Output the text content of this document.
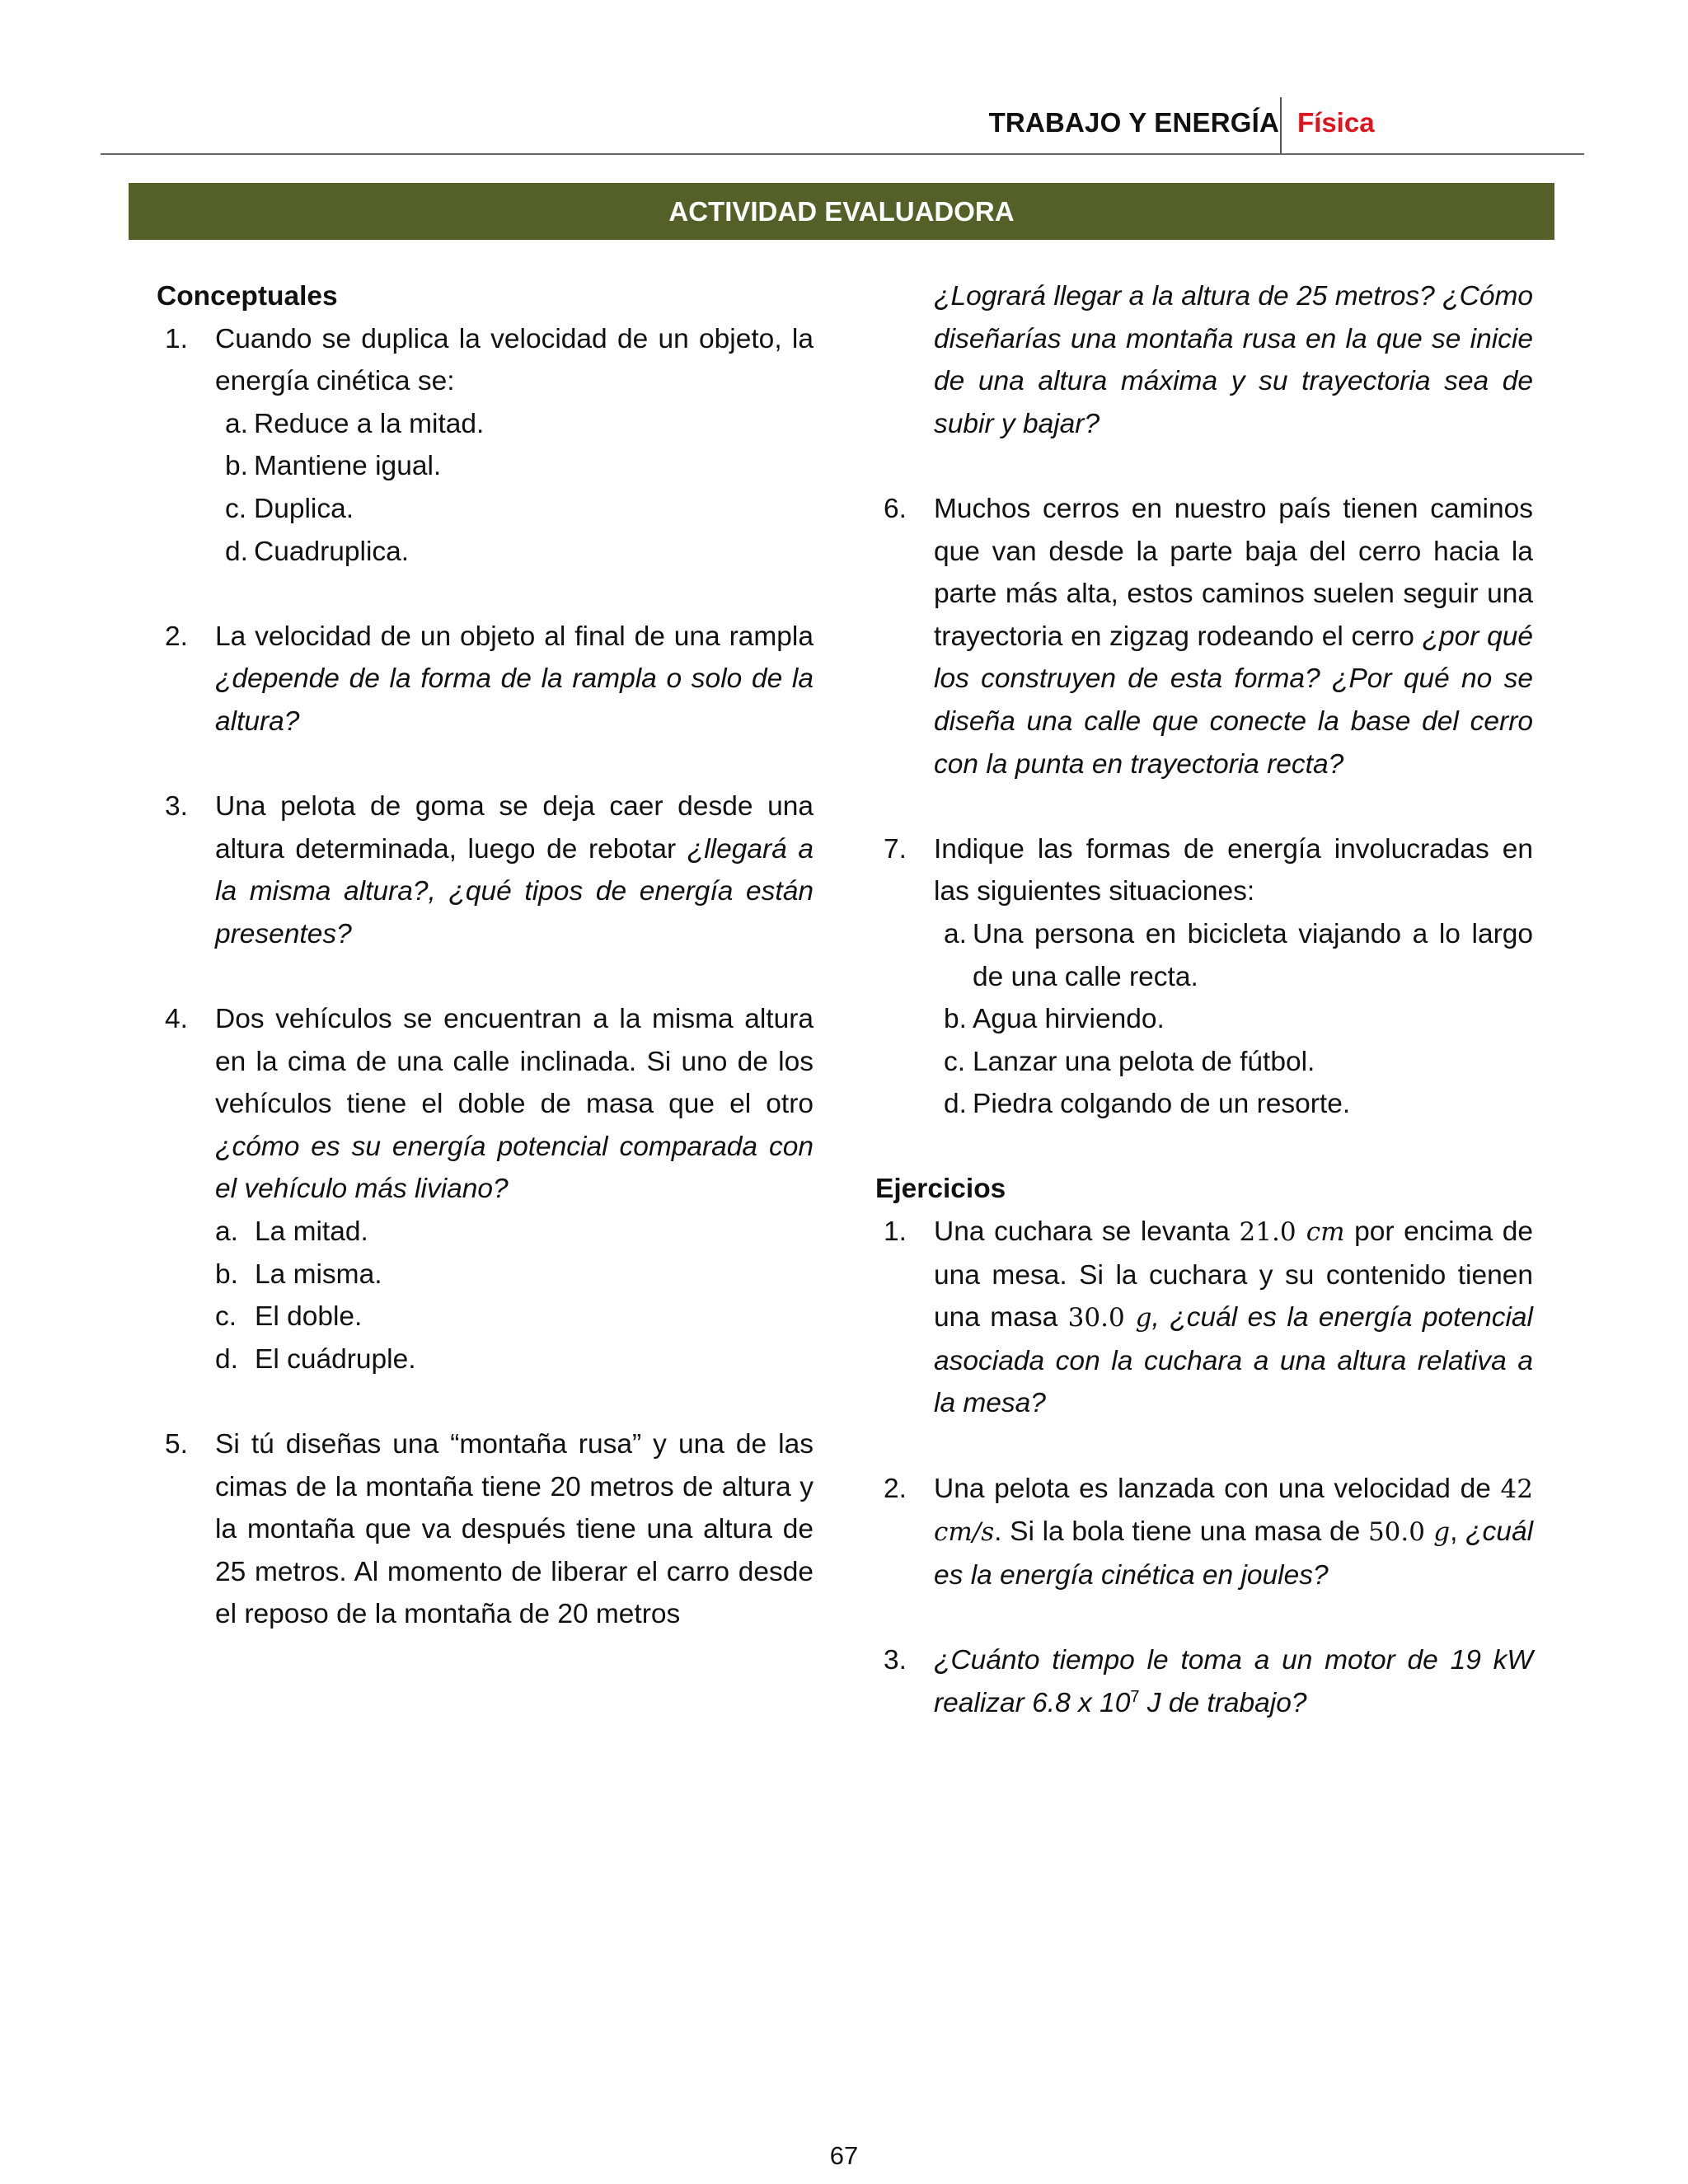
TRABAJO Y ENERGÍA Física
ACTIVIDAD EVALUADORA
Conceptuales
1. Cuando se duplica la velocidad de un objeto, la energía cinética se:
a. Reduce a la mitad.
b. Mantiene igual.
c. Duplica.
d. Cuadruplica.
2. La velocidad de un objeto al final de una rampla ¿depende de la forma de la rampla o solo de la altura?
3. Una pelota de goma se deja caer desde una altura determinada, luego de rebotar ¿llegará a la misma altura?, ¿qué tipos de energía están presentes?
4. Dos vehículos se encuentran a la misma altura en la cima de una calle inclinada. Si uno de los vehículos tiene el doble de masa que el otro ¿cómo es su energía potencial comparada con el vehículo más liviano?
a. La mitad.
b. La misma.
c. El doble.
d. El cuádruple.
5. Si tú diseñas una “montaña rusa” y una de las cimas de la montaña tiene 20 metros de altura y la montaña que va después tiene una altura de 25 metros. Al momento de liberar el carro desde el reposo de la montaña de 20 metros
¿Logrará llegar a la altura de 25 metros? ¿Cómo diseñarías una montaña rusa en la que se inicie de una altura máxima y su trayectoria sea de subir y bajar?
6. Muchos cerros en nuestro país tienen caminos que van desde la parte baja del cerro hacia la parte más alta, estos caminos suelen seguir una trayectoria en zigzag rodeando el cerro ¿por qué los construyen de esta forma? ¿Por qué no se diseña una calle que conecte la base del cerro con la punta en trayectoria recta?
7. Indique las formas de energía involucradas en las siguientes situaciones:
a. Una persona en bicicleta viajando a lo largo de una calle recta.
b. Agua hirviendo.
c. Lanzar una pelota de fútbol.
d. Piedra colgando de un resorte.
Ejercicios
1. Una cuchara se levanta 21.0 cm por encima de una mesa. Si la cuchara y su contenido tienen una masa 30.0 g, ¿cuál es la energía potencial asociada con la cuchara a una altura relativa a la mesa?
2. Una pelota es lanzada con una velocidad de 42 cm/s. Si la bola tiene una masa de 50.0 g, ¿cuál es la energía cinética en joules?
3. ¿Cuánto tiempo le toma a un motor de 19 kW realizar 6.8 x $10^7$ J de trabajo?
67
